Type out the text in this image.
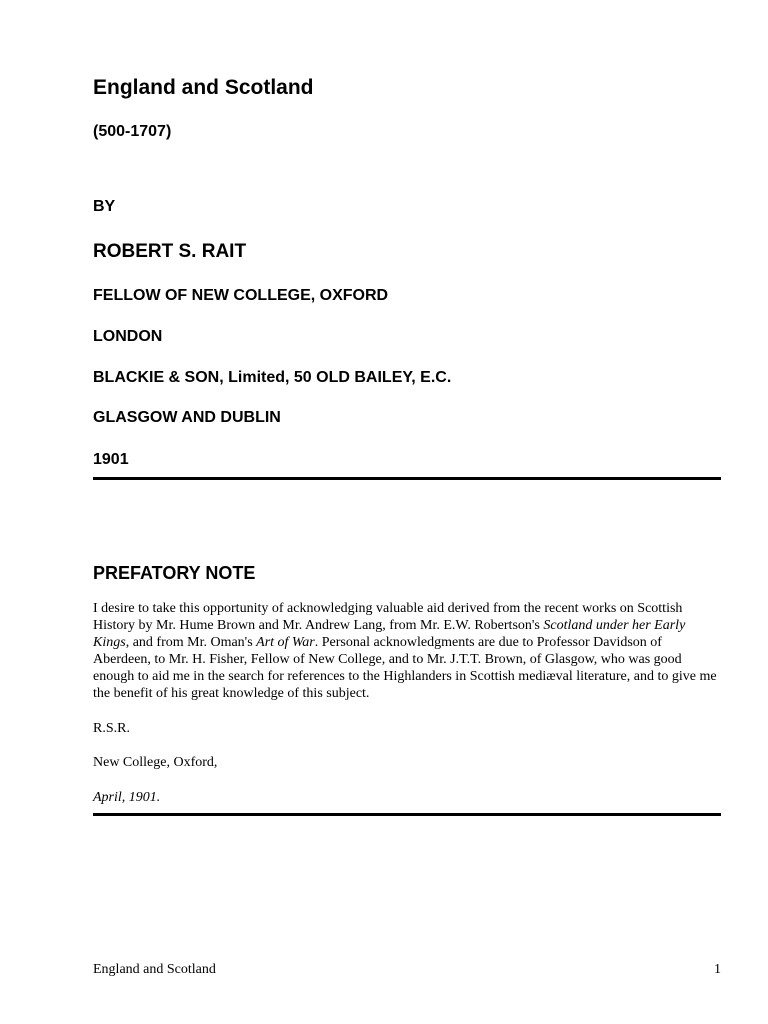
England and Scotland

(500-1707)

BY

ROBERT S. RAIT

FELLOW OF NEW COLLEGE, OXFORD

LONDON

BLACKIE & SON, Limited, 50 OLD BAILEY, E.C.

GLASGOW AND DUBLIN

1901

PREFATORY NOTE

I desire to take this opportunity of acknowledging valuable aid derived from the recent works on Scottish History by Mr. Hume Brown and Mr. Andrew Lang, from Mr. E.W. Robertson's Scotland under her Early Kings, and from Mr. Oman's Art of War. Personal acknowledgments are due to Professor Davidson of Aberdeen, to Mr. H. Fisher, Fellow of New College, and to Mr. J.T.T. Brown, of Glasgow, who was good enough to aid me in the search for references to the Highlanders in Scottish mediæval literature, and to give me the benefit of his great knowledge of this subject.

R.S.R.

New College, Oxford,

April, 1901.

England and Scotland	1
